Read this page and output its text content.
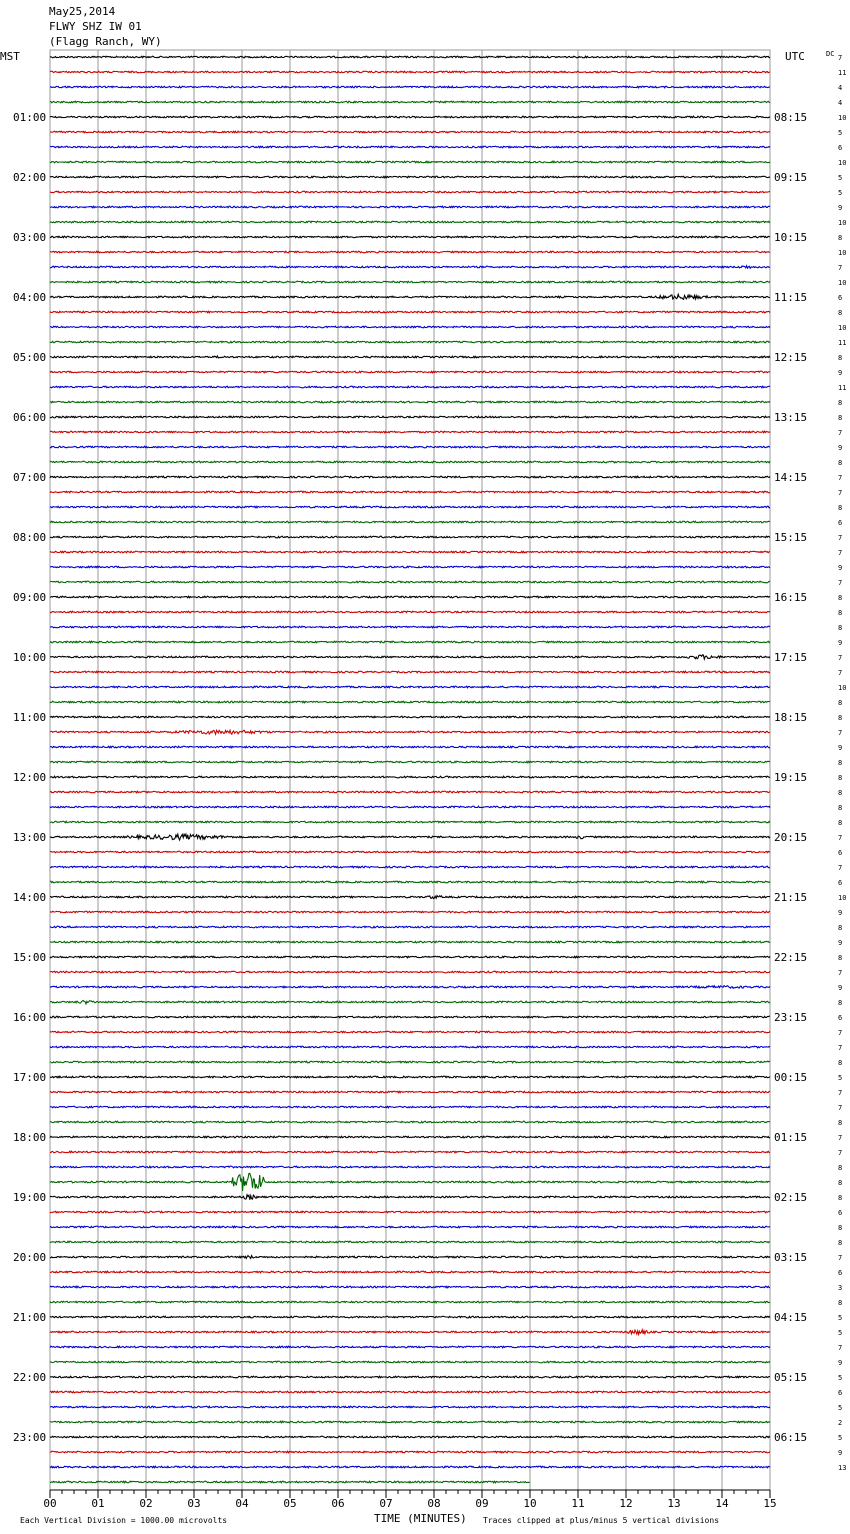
May25,2014
FLWY SHZ IW 01
(Flagg Ranch, WY)
MST	UTC	DC
01:00
02:00
03:00
04:00
05:00
06:00
07:00
08:00
09:00
10:00
11:00
12:00
13:00
14:00
15:00
16:00
17:00
18:00
19:00
20:00
21:00
22:00
23:00
08:15
09:15
10:15
11:15
12:15
13:15
14:15
15:15
16:15
17:15
18:15
19:15
20:15
21:15
22:15
23:15
00:15
01:15
02:15
03:15
04:15
05:15
06:15
7
11
4
4
10
5
6
10
5
5
9
10
8
10
7
10
6
8
10
11
8
9
11
8
8
7
9
8
7
7
8
6
7
7
9
7
8
8
8
9
7
7
10
8
8
7
9
8
8
8
8
8
7
6
7
6
10
9
8
9
8
7
9
8
6
7
7
8
5
7
7
8
7
7
8
8
8
6
8
8
7
6
3
8
5
5
7
9
5
6
5
2
5
9
13
00	01	02	03	04	05	06	07	08	09	10	11	12	13	14	15
Each Vertical Division = 1000.00 microvolts	TIME (MINUTES) Traces clipped at plus/minus 5 vertical divisions
